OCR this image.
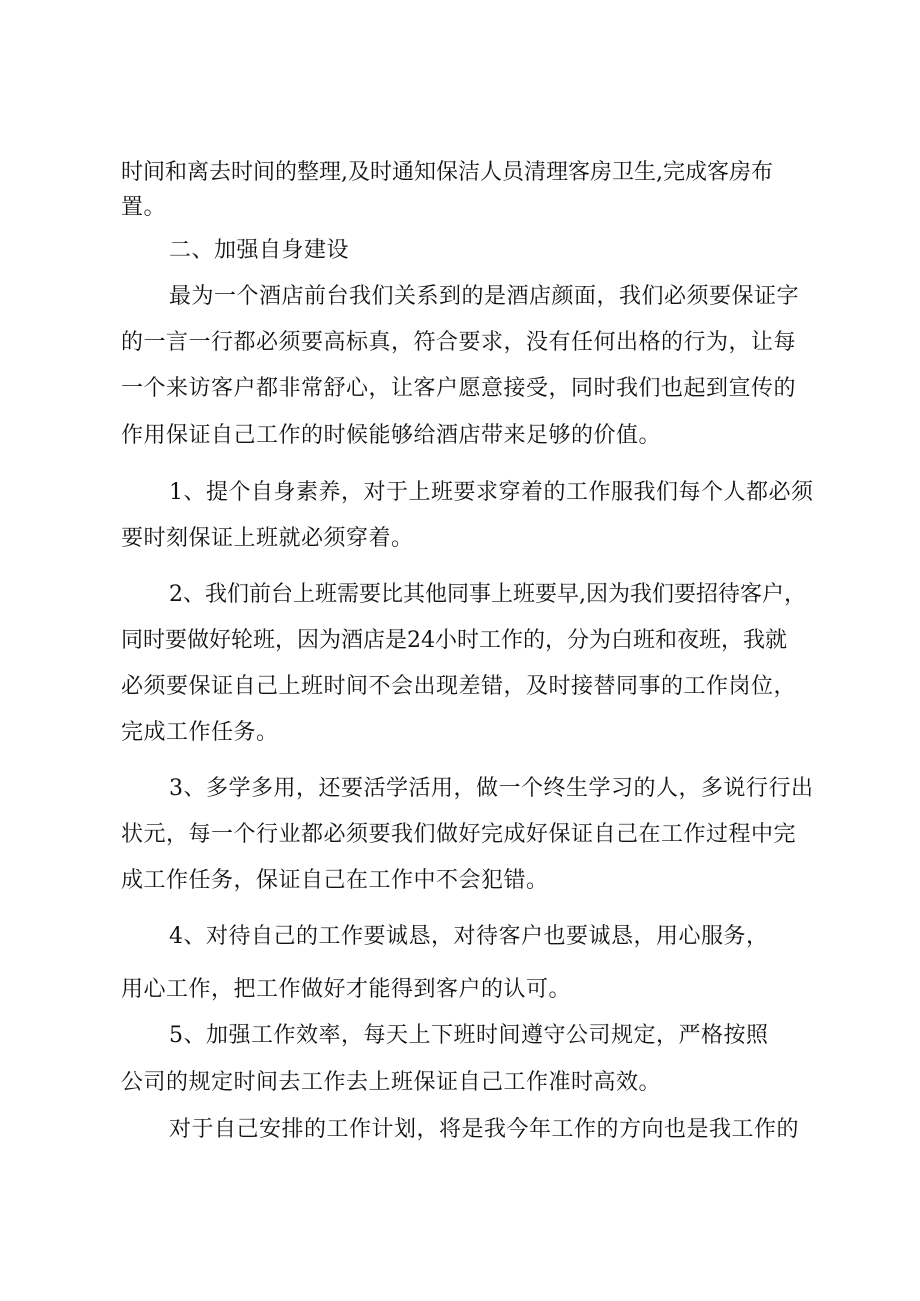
时间和离去时间的整理,及时通知保洁人员清理客房卫生,完成客房布

置。

二、加强自身建设

最为一个酒店前台我们关系到的是酒店颜面，我们必须要保证字

的一言一行都必须要高标真，符合要求，没有任何出格的行为，让每

一个来访客户都非常舒心，让客户愿意接受，同时我们也起到宣传的

作用保证自己工作的时候能够给酒店带来足够的价值。

1、提个自身素养，对于上班要求穿着的工作服我们每个人都必须

要时刻保证上班就必须穿着。

2、我们前台上班需要比其他同事上班要早,因为我们要招待客户，

同时要做好轮班，因为酒店是24小时工作的，分为白班和夜班，我就

必须要保证自己上班时间不会出现差错，及时接替同事的工作岗位，

完成工作任务。

3、多学多用，还要活学活用，做一个终生学习的人，多说行行出

状元，每一个行业都必须要我们做好完成好保证自己在工作过程中完

成工作任务，保证自己在工作中不会犯错。

4、对待自己的工作要诚恳，对待客户也要诚恳，用心服务，

用心工作，把工作做好才能得到客户的认可。

5、加强工作效率，每天上下班时间遵守公司规定，严格按照

公司的规定时间去工作去上班保证自己工作准时高效。

对于自己安排的工作计划，将是我今年工作的方向也是我工作的
